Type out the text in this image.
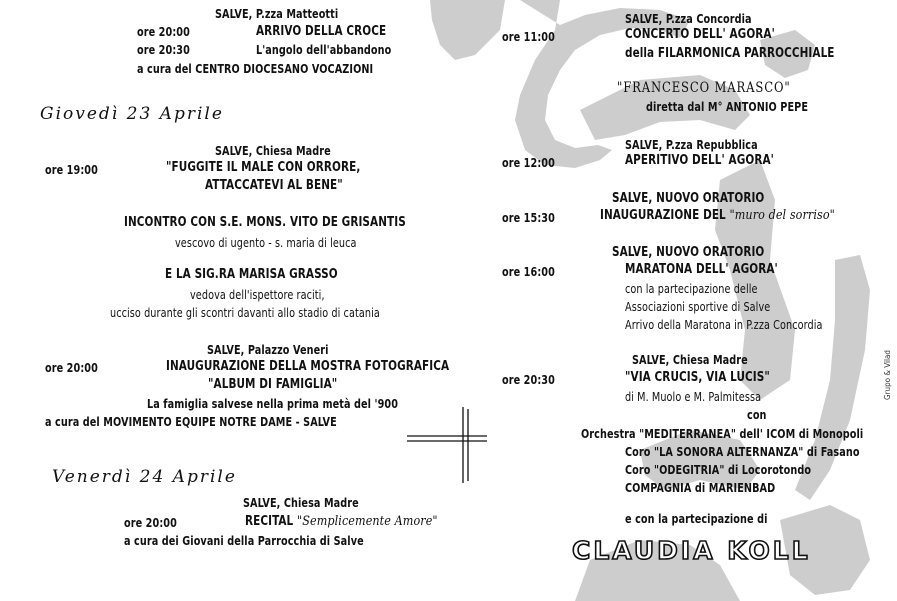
SALVE, P.zza Matteotti
ore 20:00	ARRIVO DELLA CROCE
ore 20:30	L'angolo dell'abbandono
a cura del CENTRO DIOCESANO VOCAZIONI
Giovedì 23 Aprile
SALVE, Chiesa Madre
ore 19:00	"FUGGITE IL MALE CON ORRORE,
ATTACCATEVI AL BENE"
INCONTRO CON S.E. MONS. VITO DE GRISANTIS
vescovo di ugento - s. maria di leuca
E LA SIG.RA MARISA GRASSO
vedova dell'ispettore raciti,
ucciso durante gli scontri davanti allo stadio di catania
SALVE, Palazzo Veneri
ore 20:00	INAUGURAZIONE DELLA MOSTRA FOTOGRAFICA
"ALBUM DI FAMIGLIA"
La famiglia salvese nella prima metà del '900
a cura del MOVIMENTO EQUIPE NOTRE DAME - SALVE
Venerdì 24 Aprile
SALVE, Chiesa Madre
ore 20:00	RECITAL "Semplicemente Amore"
a cura dei Giovani della Parrocchia di Salve
SALVE, P.zza Concordia
ore 11:00	CONCERTO DELL' AGORA'
della FILARMONICA PARROCCHIALE
"FRANCESCO MARASCO"
diretta dal M° ANTONIO PEPE
SALVE, P.zza Repubblica
ore 12:00	APERITIVO DELL' AGORA'
SALVE, NUOVO ORATORIO
ore 15:30	INAUGURAZIONE DEL "muro del sorriso"
SALVE, NUOVO ORATORIO
ore 16:00	MARATONA DELL' AGORA'
con la partecipazione delle
Associazioni sportive di Salve
Arrivo della Maratona in P.zza Concordia
SALVE, Chiesa Madre
ore 20:30	"VIA CRUCIS, VIA LUCIS"
di M. Muolo e M. Palmitessa
con
Orchestra "MEDITERRANEA" dell' ICOM di Monopoli
Coro "LA SONORA ALTERNANZA" di Fasano
Coro "ODEGITRIA" di Locorotondo
COMPAGNIA di MARIENBAD
e con la partecipazione di
CLAUDIA KOLL
Grupo & Vilad
